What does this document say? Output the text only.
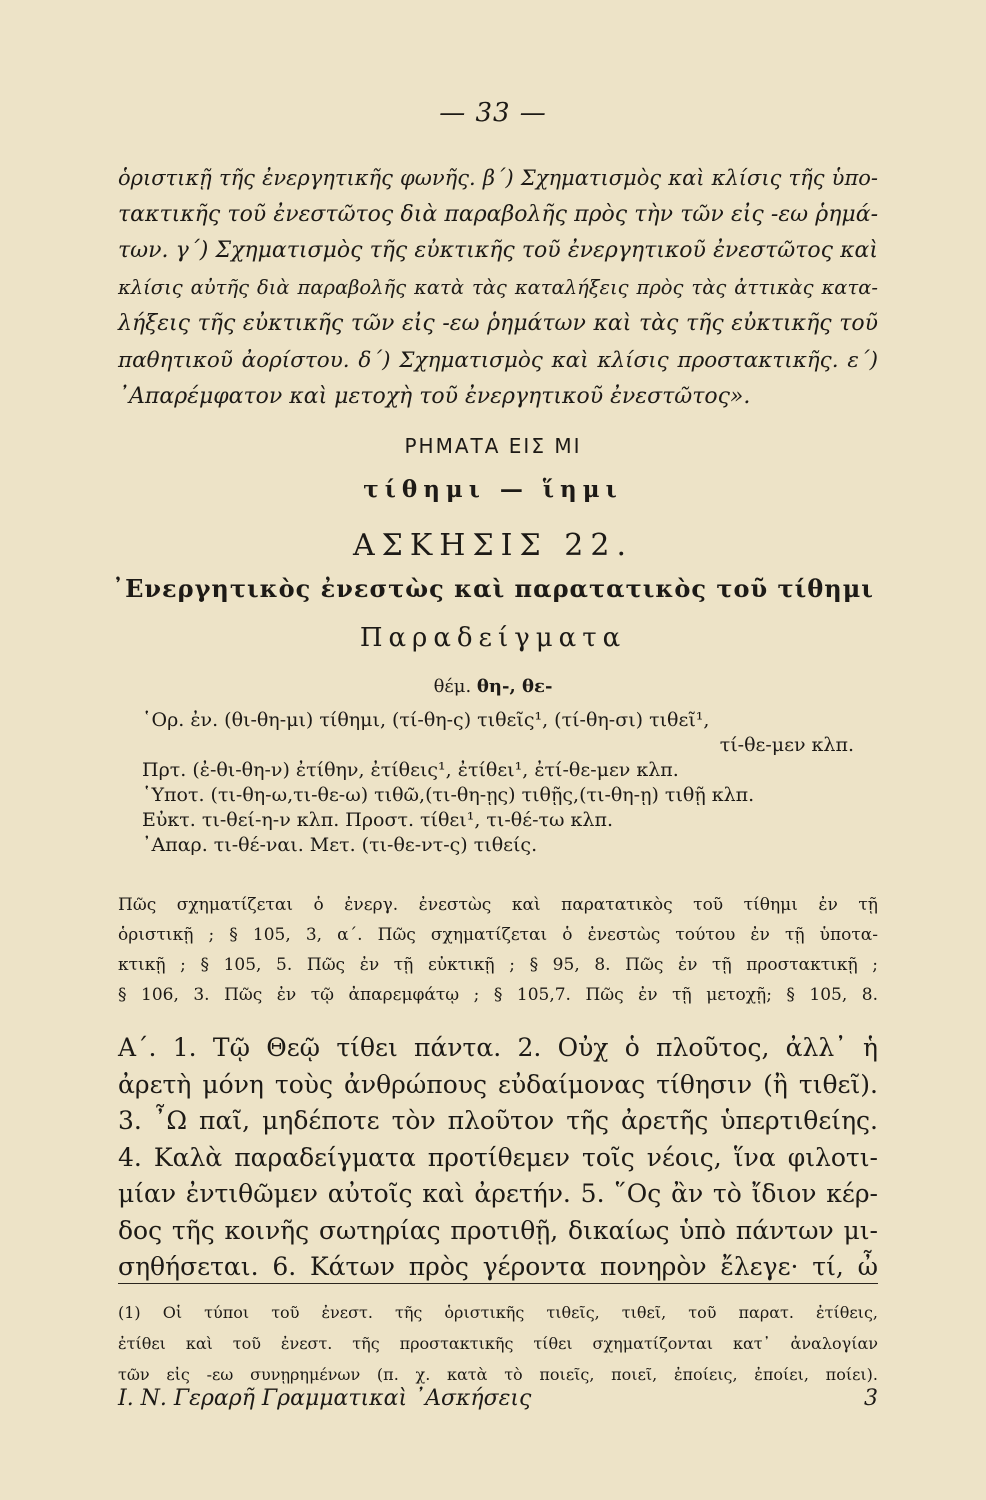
— 33 —
ὁριστικῇ τῆς ἐνεργητικῆς φωνῆς. β΄) Σχηματισμὸς καὶ κλίσις τῆς ὑπο-
τακτικῆς τοῦ ἐνεστῶτος διὰ παραβολῆς πρὸς τὴν τῶν εἰς -εω ῥημά-
των. γ΄) Σχηματισμὸς τῆς εὐκτικῆς τοῦ ἐνεργητικοῦ ἐνεστῶτος καὶ
κλίσις αὐτῆς διὰ παραβολῆς κατὰ τὰς καταλήξεις πρὸς τὰς ἀττικὰς κατα-
λήξεις τῆς εὐκτικῆς τῶν εἰς -εω ῥημάτων καὶ τὰς τῆς εὐκτικῆς τοῦ
παθητικοῦ ἀορίστου. δ΄) Σχηματισμὸς καὶ κλίσις προστακτικῆς. ε΄)
᾿Απαρέμφατον καὶ μετοχὴ τοῦ ἐνεργητικοῦ ἐνεστῶτος».
ΡΗΜΑΤΑ ΕΙΣ ΜΙ
τίθημι — ἵημι
ΑΣΚΗΣΙΣ 22.
᾿Ενεργητικὸς ἐνεστὼς καὶ παρατατικὸς τοῦ τίθημι
Παραδείγματα
θέμ. θη-, θε-
῾Ορ. ἐν. (θι-θη-μι) τίθημι, (τί-θη-ς) τιθεῖς¹, (τί-θη-σι) τιθεῖ¹,
τί-θε-μεν κλπ.
Πρτ. (ἐ-θι-θη-ν) ἐτίθην, ἐτίθεις¹, ἐτίθει¹, ἐτί-θε-μεν κλπ.
῾Υποτ. (τι-θη-ω,τι-θε-ω) τιθῶ,(τι-θη-ῃς) τιθῇς,(τι-θη-ῃ) τιθῇ κλπ.
Εὐκτ. τι-θεί-η-ν κλπ. Προστ. τίθει¹, τι-θέ-τω κλπ.
᾿Απαρ. τι-θέ-ναι. Μετ. (τι-θε-ντ-ς) τιθείς.
Πῶς σχηματίζεται ὁ ἐνεργ. ἐνεστὼς καὶ παρατατικὸς τοῦ τίθημι ἐν τῇ
ὁριστικῇ ; § 105, 3, α΄. Πῶς σχηματίζεται ὁ ἐνεστὼς τούτου ἐν τῇ ὑποτα-
κτικῇ ; § 105, 5. Πῶς ἐν τῇ εὐκτικῇ ; § 95, 8. Πῶς ἐν τῇ προστακτικῇ ;
§ 106, 3. Πῶς ἐν τῷ ἀπαρεμφάτῳ ; § 105,7. Πῶς ἐν τῇ μετοχῇ; § 105, 8.
Α΄. 1. Τῷ Θεῷ τίθει πάντα. 2. Οὐχ ὁ πλοῦτος, ἀλλ᾿ ἡ
ἀρετὴ μόνη τοὺς ἀνθρώπους εὐδαίμονας τίθησιν (ἢ τιθεῖ).
3. ῏Ω παῖ, μηδέποτε τὸν πλοῦτον τῆς ἀρετῆς ὑπερτιθείης.
4. Καλὰ παραδείγματα προτίθεμεν τοῖς νέοις, ἵνα φιλοτι-
μίαν ἐντιθῶμεν αὐτοῖς καὶ ἀρετήν. 5. ῞Ος ἂν τὸ ἴδιον κέρ-
δος τῆς κοινῆς σωτηρίας προτιθῇ, δικαίως ὑπὸ πάντων μι-
σηθήσεται. 6. Κάτων πρὸς γέροντα πονηρὸν ἔλεγε· τί, ὦ
(1) Οἱ τύποι τοῦ ἐνεστ. τῆς ὁριστικῆς τιθεῖς, τιθεῖ, τοῦ παρατ. ἐτίθεις,
ἐτίθει καὶ τοῦ ἐνεστ. τῆς προστακτικῆς τίθει σχηματίζονται κατ᾿ ἀναλογίαν
τῶν εἰς -εω συνῃρημένων (π. χ. κατὰ τὸ ποιεῖς, ποιεῖ, ἐποίεις, ἐποίει, ποίει).
Ι. Ν. Γεραρῆ Γραμματικαὶ ᾿Ασκήσεις	3
